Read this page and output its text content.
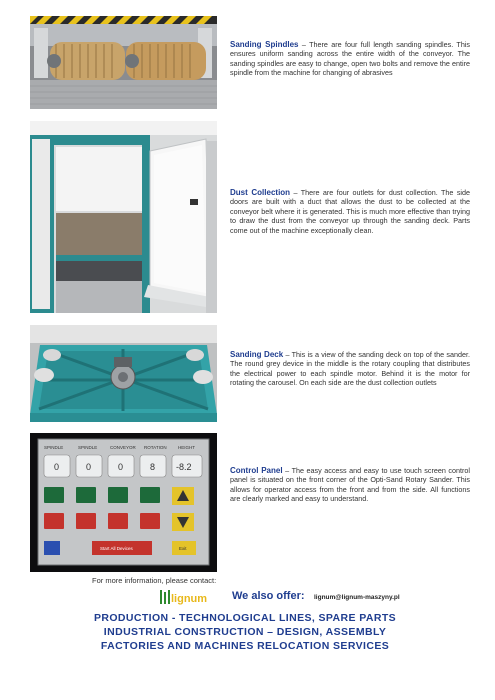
Sanding Spindles – There are four full length sanding spindles. This ensures uniform sanding across the entire width of the conveyor. The sanding spindles are easy to change, open two bolts and remove the entire spindle from the machine for changing of abrasives
Dust Collection – There are four outlets for dust collection. The side doors are built with a duct that allows the dust to be collected at the conveyor belt where it is generated. This is much more effective than trying to draw the dust from the conveyor up through the sanding deck. Parts come out of the machine exceptionally clean.
Sanding Deck – This is a view of the sanding deck on top of the sander. The round grey device in the middle is the rotary coupling that distributes the electrical power to each spindle motor. Behind it is the motor for rotating the carousel. On each side are the dust collection outlets
SPINDLE	SPINDLE	CONVEYOR ROTATION	HEIGHT
0	0	0	8 -8.2
Start All Devices	Exit
Control Panel – The easy access and easy to use touch screen control panel is situated on the front corner of the Opti-Sand Rotary Sander. This allows for operator access from the front and from the side. All functions are clearly marked and easy to understand.
For more information, please contact:
lignum We also offer: lignum@lignum-maszyny.pl
PRODUCTION - TECHNOLOGICAL LINES, SPARE PARTS
INDUSTRIAL CONSTRUCTION – DESIGN, ASSEMBLY
FACTORIES AND MACHINES RELOCATION SERVICES
